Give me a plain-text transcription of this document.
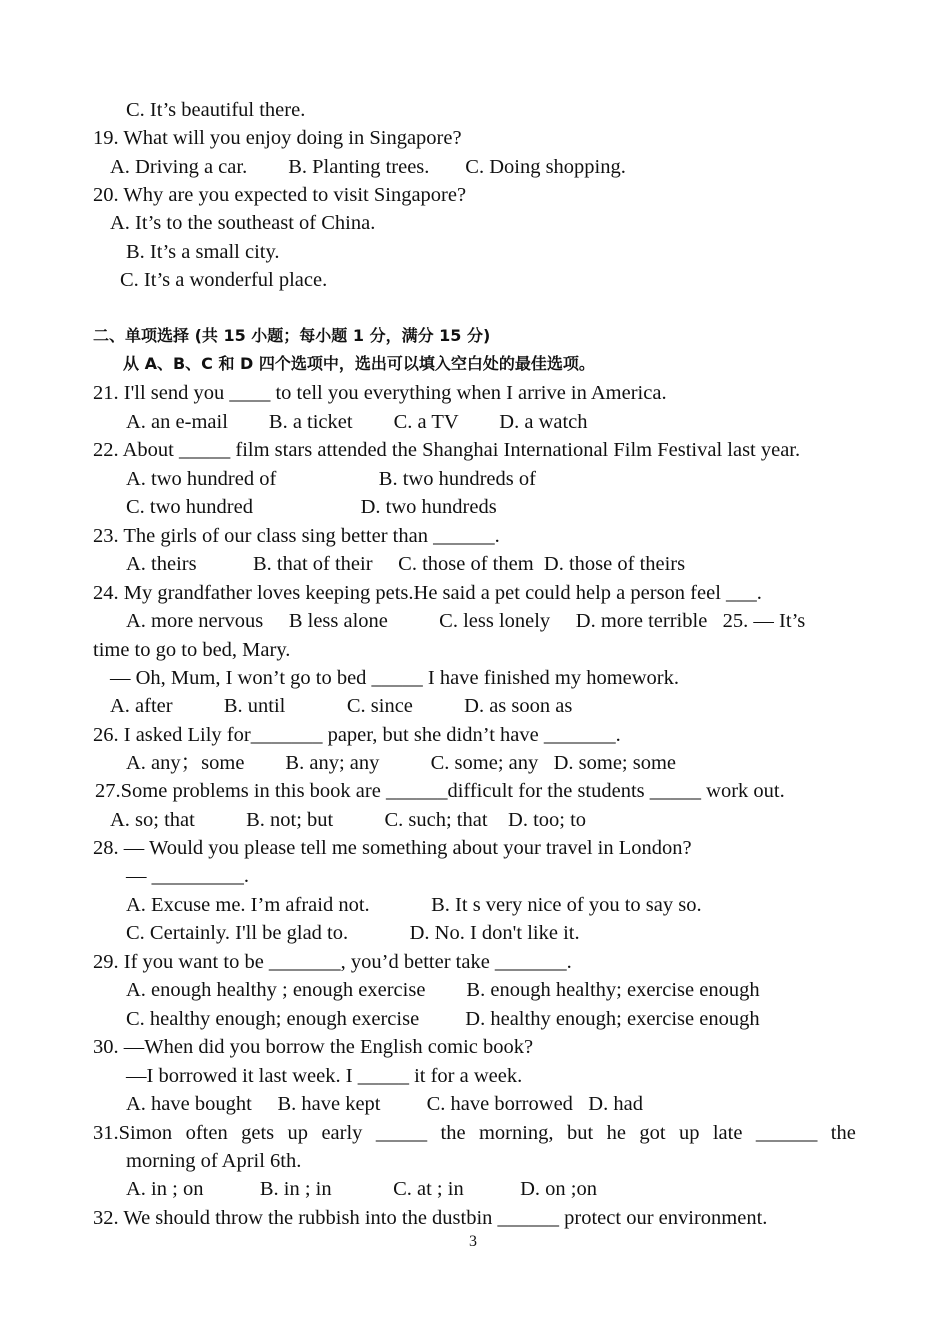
C. It’s beautiful there.
19. What will you enjoy doing in Singapore?
A. Driving a car.        B. Planting trees.       C. Doing shopping.
20. Why are you expected to visit Singapore?
A. It’s to the southeast of China.
B. It’s a small city.
C. It’s a wonderful place.
二、单项选择 (共 15 小题；每小题 1 分，满分 15 分)
从 A、B、C 和 D 四个选项中，选出可以填入空白处的最佳选项。
21. I'll send you ____ to tell you everything when I arrive in America.
A. an e-mail        B. a ticket        C. a TV        D. a watch
22. About _____ film stars attended the Shanghai International Film Festival last year.
A. two hundred of                    B. two hundreds of
C. two hundred                     D. two hundreds
23. The girls of our class sing better than ______.
A. theirs           B. that of their     C. those of them  D. those of theirs
24. My grandfather loves keeping pets.He said a pet could help a person feel ___.
A. more nervous     B less alone          C. less lonely     D. more terrible   25. — It’s
time to go to bed, Mary.
— Oh, Mum, I won’t go to bed _____ I have finished my homework.
A. after          B. until            C. since          D. as soon as
26. I asked Lily for_______ paper, but she didn’t have _______.
A. any；some        B. any; any          C. some; any   D. some; some
27.Some problems in this book are ______difficult for the students _____ work out.
A. so; that          B. not; but          C. such; that    D. too; to
28. — Would you please tell me something about your travel in London?
— _________.
A. Excuse me. I’m afraid not.            B. It s very nice of you to say so.
C. Certainly. I'll be glad to.            D. No. I don't like it.
29. If you want to be _______, you’d better take _______.
A. enough healthy ; enough exercise        B. enough healthy; exercise enough
C. healthy enough; enough exercise         D. healthy enough; exercise enough
30. —When did you borrow the English comic book?
—I borrowed it last week. I _____ it for a week.
A. have bought     B. have kept         C. have borrowed   D. had
31.Simon often gets up early _____ the morning, but he got up late ______ the
morning of April 6th.
A. in ; on           B. in ; in            C. at ; in           D. on ;on
32. We should throw the rubbish into the dustbin ______ protect our environment.
3
